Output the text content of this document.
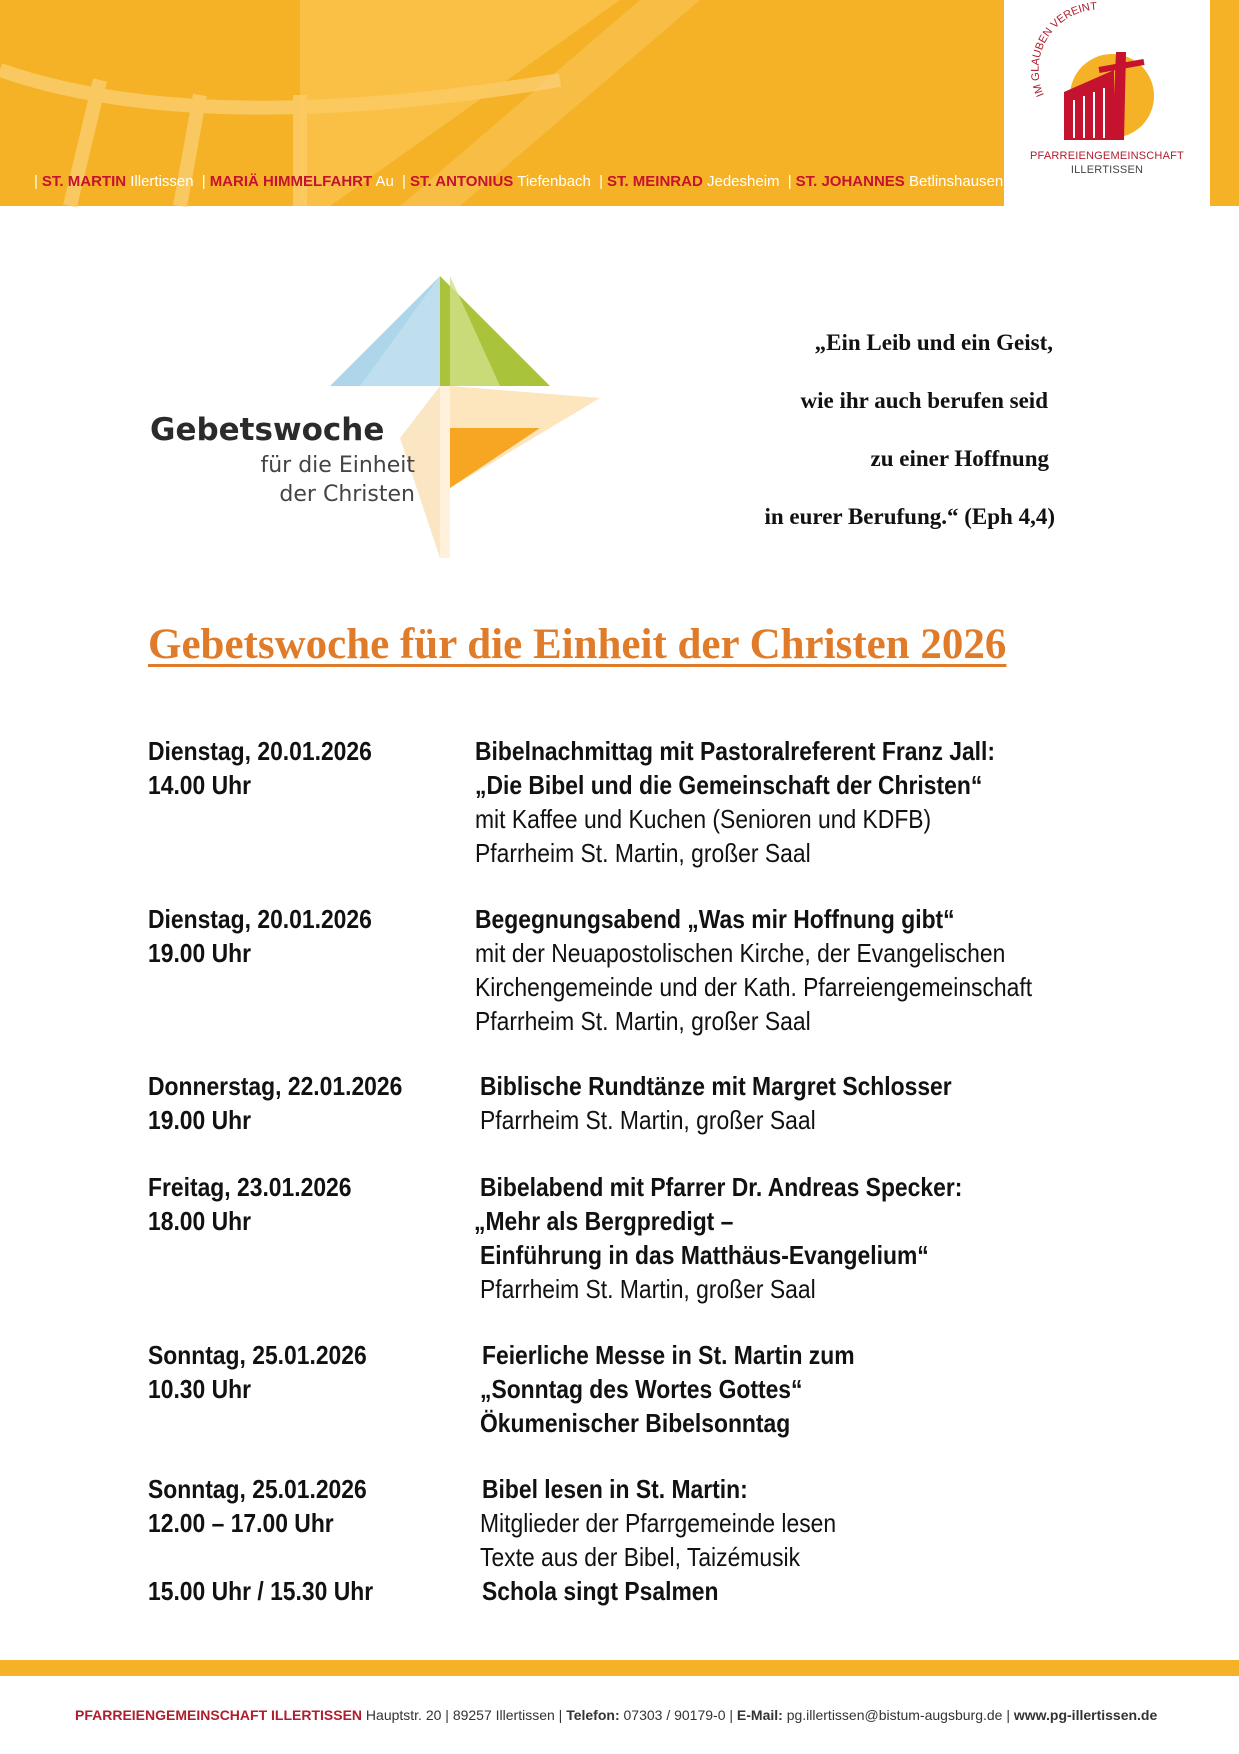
| ST. MARTIN Illertissen | MARIÄ HIMMELFAHRT Au | ST. ANTONIUS Tiefenbach | ST. MEINRAD Jedesheim | ST. JOHANNES Betlinshausen
IM GLAUBEN VEREINT
PFARREIENGEMEINSCHAFT
ILLERTISSEN
Gebetswoche
für die Einheit
der Christen
„Ein Leib und ein Geist,
wie ihr auch berufen seid
zu einer Hoffnung
in eurer Berufung.“ (Eph 4,4)
Gebetswoche für die Einheit der Christen 2026
Dienstag, 20.01.2026
14.00 Uhr
Bibelnachmittag mit Pastoralreferent Franz Jall:
„Die Bibel und die Gemeinschaft der Christen“
mit Kaffee und Kuchen (Senioren und KDFB)
Pfarrheim St. Martin, großer Saal
Dienstag, 20.01.2026
19.00 Uhr
Begegnungsabend „Was mir Hoffnung gibt“
mit der Neuapostolischen Kirche, der Evangelischen
Kirchengemeinde und der Kath. Pfarreiengemeinschaft
Pfarrheim St. Martin, großer Saal
Donnerstag, 22.01.2026
19.00 Uhr
Biblische Rundtänze mit Margret Schlosser
Pfarrheim St. Martin, großer Saal
Freitag, 23.01.2026
18.00 Uhr
Bibelabend mit Pfarrer Dr. Andreas Specker:
„Mehr als Bergpredigt –
Einführung in das Matthäus-Evangelium“
Pfarrheim St. Martin, großer Saal
Sonntag, 25.01.2026
10.30 Uhr
Feierliche Messe in St. Martin zum
„Sonntag des Wortes Gottes“
Ökumenischer Bibelsonntag
Sonntag, 25.01.2026
12.00 – 17.00 Uhr
Bibel lesen in St. Martin:
Mitglieder der Pfarrgemeinde lesen
Texte aus der Bibel, Taizémusik
15.00 Uhr / 15.30 Uhr	Schola singt Psalmen
PFARREIENGEMEINSCHAFT ILLERTISSEN Hauptstr. 20 | 89257 Illertissen | Telefon: 07303 / 90179-0 | E-Mail: pg.illertissen@bistum-augsburg.de | www.pg-illertissen.de
